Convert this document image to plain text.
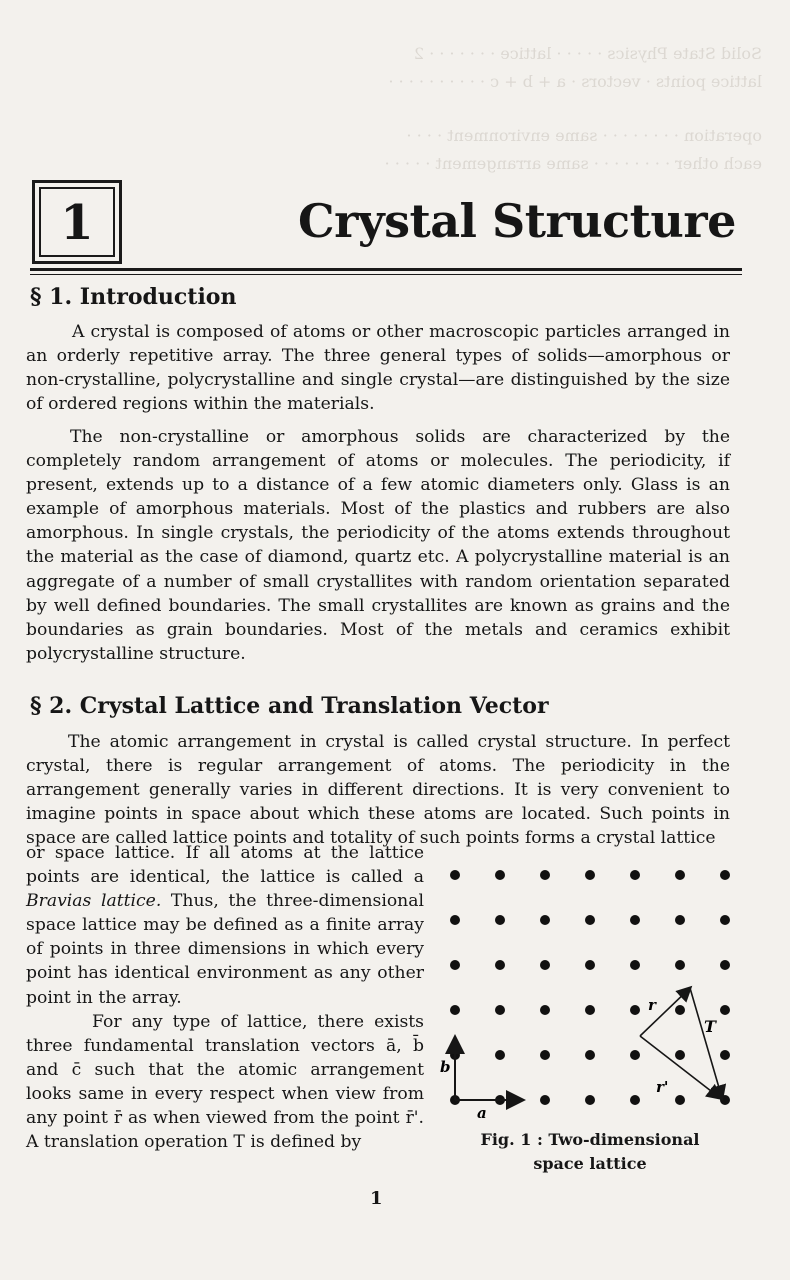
Solid State Physics · · · · · lattice · · · · · · · 2
lattice points · vectors · a + b + c · · · · · · · · · ·
operation · · · · · · · · same environment · · · ·
each other · · · · · · · · same arrangement · · · · ·
1	Crystal Structure
§ 1. Introduction

A crystal is composed of atoms or other macroscopic particles arranged in an orderly repetitive array. The three general types of solids—amorphous or non-crystalline, polycrystalline and single crystal—are distinguished by the size of ordered regions within the materials.

The non-crystalline or amorphous solids are characterized by the completely random arrangement of atoms or molecules. The periodicity, if present, extends up to a distance of a few atomic diameters only. Glass is an example of amorphous materials. Most of the plastics and rubbers are also amorphous. In single crystals, the periodicity of the atoms extends throughout the material as the case of diamond, quartz etc. A polycrystalline material is an aggregate of a number of small crystallites with random orientation separated by well defined boundaries. The small crystallites are known as grains and the boundaries as grain boundaries. Most of the metals and ceramics exhibit polycrystalline structure.

§ 2. Crystal Lattice and Translation Vector

The atomic arrangement in crystal is called crystal structure. In perfect crystal, there is regular arrangement of atoms. The periodicity in the arrangement generally varies in different directions. It is very convenient to imagine points in space about which these atoms are located. Such points in space are called lattice points and totality of such points forms a crystal lattice

or space lattice. If all atoms at the lattice points are identical, the lattice is called a Bravias lattice. Thus, the three-dimensional space lattice may be defined as a finite array of points in three dimensions in which every point has identical environment as any other point in the array.

For any type of lattice, there exists three fundamental translation vectors ā, b̄ and c̄ such that the atomic arrangement looks same in every respect when view from any point r̄ as when viewed from the point r̄'. A translation operation T is defined by

a
b
r
T
r'
Fig. 1 : Two-dimensional
space lattice
1
